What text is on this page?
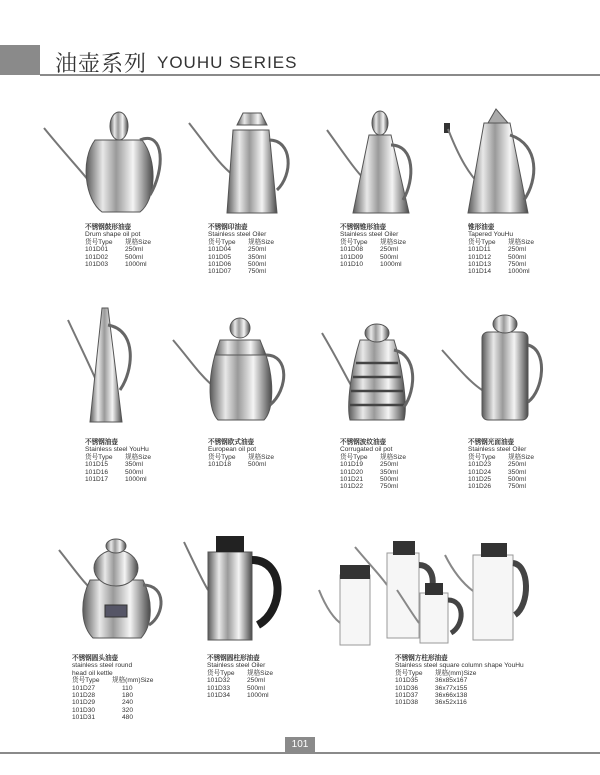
油壶系列 YOUHU SERIES
不锈钢鼓形油壶
Drum shape oil pot
货号Type 规格Size
101D01	250ml
101D02	500ml
101D03	1000ml
不锈钢印油壶
Stainless steel Oiler
货号Type 规格Size
101D04	250ml
101D05	350ml
101D06	500ml
101D07	750ml
不锈钢锥形油壶
Stainless steel Oiler
货号Type 规格Size
101D08	250ml
101D09	500ml
101D10	1000ml
锥形油壶
Tapered YouHu
货号Type 规格Size
101D11	250ml
101D12	500ml
101D13	750ml
101D14	1000ml
不锈钢油壶
Stainless steel YouHu
货号Type 规格Size
101D15	350ml
101D16	500ml
101D17	1000ml
不锈钢欧式油壶
European oil pot
货号Type 规格Size
101D18	500ml
不锈钢波纹油壶
Corrugated oil pot
货号Type 规格Size
101D19	250ml
101D20	350ml
101D21	500ml
101D22	750ml
不锈钢光面油壶
Stainless steel Oiler
货号Type 规格Size
101D23	250ml
101D24	350ml
101D25	500ml
101D26	750ml
不锈钢圆头油壶
stainless steel round
head oil kettle
货号Type 规格(mm)Size
101D27	110
101D28	180
101D29	240
101D30	320
101D31	480
不锈钢圆柱形油壶
Stainless steel Oiler
货号Type 规格Size
101D32	250ml
101D33	500ml
101D34	1000ml
不锈钢方柱形油壶
Stainless steel square column shape YouHu
货号Type 规格(mm)Size
101D35	36x85x167
101D36	36x77x155
101D37	36x66x138
101D38	36x52x116
101
